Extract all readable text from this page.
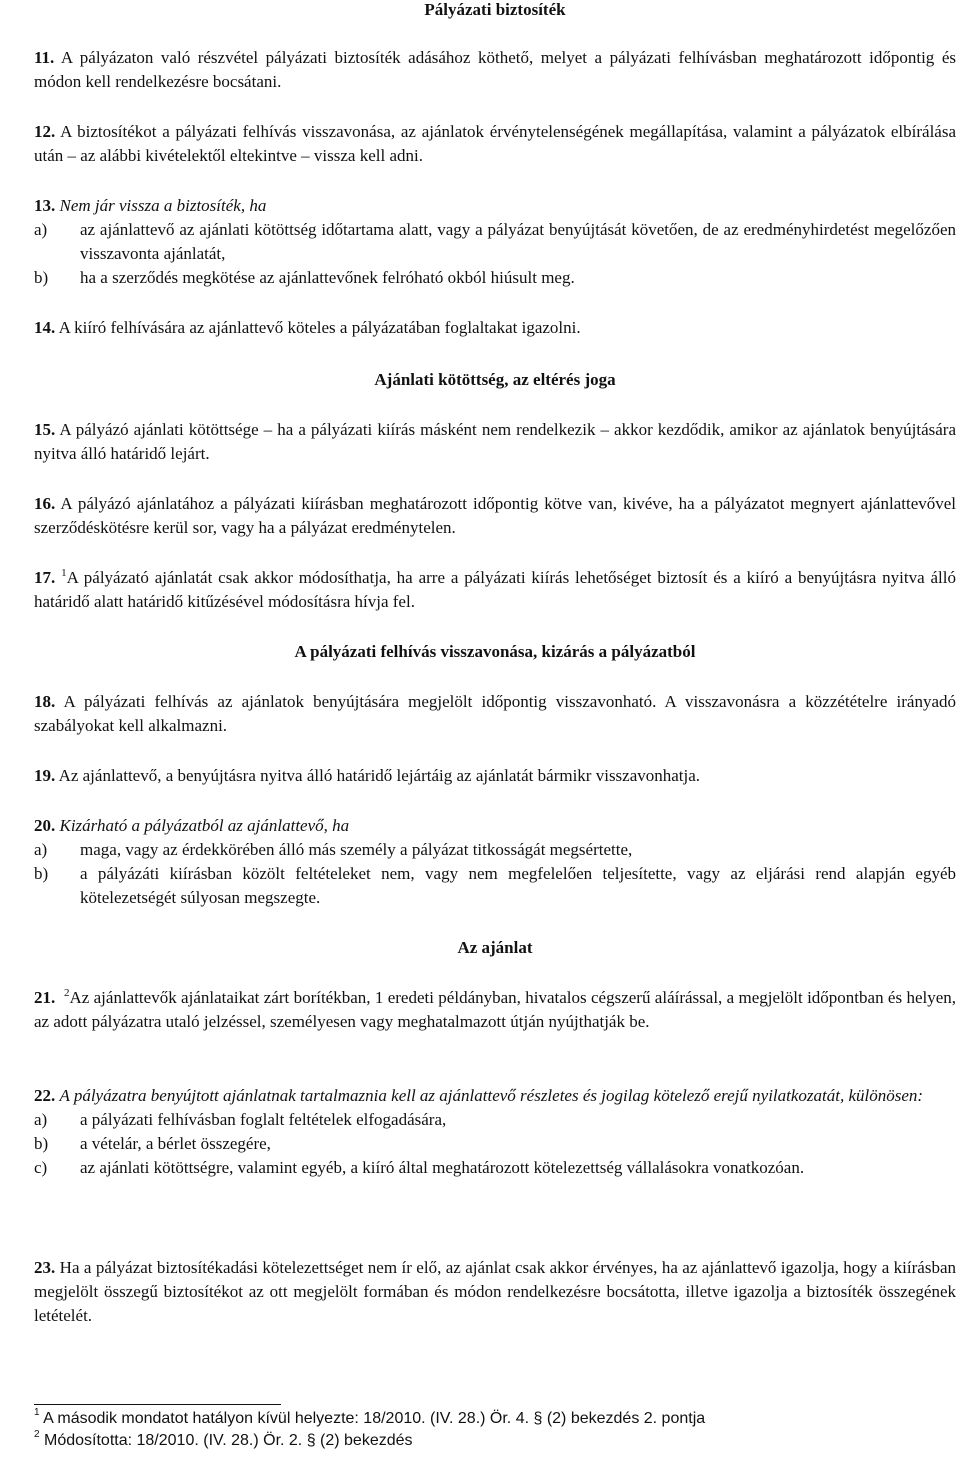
Pályázati biztosíték

11. A pályázaton való részvétel pályázati biztosíték adásához köthető, melyet a pályázati felhívásban meghatározott időpontig és módon kell rendelkezésre bocsátani.

12. A biztosítékot a pályázati felhívás visszavonása, az ajánlatok érvénytelenségének megállapítása, valamint a pályázatok elbírálása után – az alábbi kivételektől eltekintve – vissza kell adni.

13. Nem jár vissza a biztosíték, ha

a)	az ajánlattevő az ajánlati kötöttség időtartama alatt, vagy a pályázat benyújtását követően, de az eredményhirdetést megelőzően visszavonta ajánlatát,
b)	ha a szerződés megkötése az ajánlattevőnek felróható okból hiúsult meg.

14. A kiíró felhívására az ajánlattevő köteles a pályázatában foglaltakat igazolni.

Ajánlati kötöttség, az eltérés joga

15. A pályázó ajánlati kötöttsége – ha a pályázati kiírás másként nem rendelkezik – akkor kezdődik, amikor az ajánlatok benyújtására nyitva álló határidő lejárt.

16. A pályázó ajánlatához a pályázati kiírásban meghatározott időpontig kötve van, kivéve, ha a pályázatot megnyert ajánlattevővel szerződéskötésre kerül sor, vagy ha a pályázat eredménytelen.

17. $^1$A pályázató ajánlatát csak akkor módosíthatja, ha arre a pályázati kiírás lehetőséget biztosít és a kiíró a benyújtásra nyitva álló határidő alatt határidő kitűzésével módosításra hívja fel.

A pályázati felhívás visszavonása, kizárás a pályázatból

18. A pályázati felhívás az ajánlatok benyújtására megjelölt időpontig visszavonható. A visszavonásra a közzétételre irányadó szabályokat kell alkalmazni.

19. Az ajánlattevő, a benyújtásra nyitva álló határidő lejártáig az ajánlatát bármikr visszavonhatja.

20. Kizárható a pályázatból az ajánlattevő, ha

a)	maga, vagy az érdekkörében álló más személy a pályázat titkosságát megsértette,
b)	a pályázáti kiírásban közölt feltételeket nem, vagy nem megfelelően teljesítette, vagy az eljárási rend alapján egyéb kötelezetségét súlyosan megszegte.
Az ajánlat

21. $^2$Az ajánlattevők ajánlataikat zárt borítékban, 1 eredeti példányban, hivatalos cégszerű aláírással, a megjelölt időpontban és helyen, az adott pályázatra utaló jelzéssel, személyesen vagy meghatalmazott útján nyújthatják be.

22. A pályázatra benyújtott ajánlatnak tartalmaznia kell az ajánlattevő részletes és jogilag kötelező erejű nyilatkozatát, különösen:

a)	a pályázati felhívásban foglalt feltételek elfogadására,
b)	a vételár, a bérlet összegére,
c)	az ajánlati kötöttségre, valamint egyéb, a kiíró által meghatározott kötelezettség vállalásokra vonatkozóan.

23. Ha a pályázat biztosítékadási kötelezettséget nem ír elő, az ajánlat csak akkor érvényes, ha az ajánlattevő igazolja, hogy a kiírásban megjelölt összegű biztosítékot az ott megjelölt formában és módon rendelkezésre bocsátotta, illetve igazolja a biztosíték összegének letételét.

$^1$ A második mondatot hatályon kívül helyezte: 18/2010. (IV. 28.) Ör. 4. § (2) bekezdés 2. pontja

$^2$ Módosította: 18/2010. (IV. 28.) Ör. 2. § (2) bekezdés
